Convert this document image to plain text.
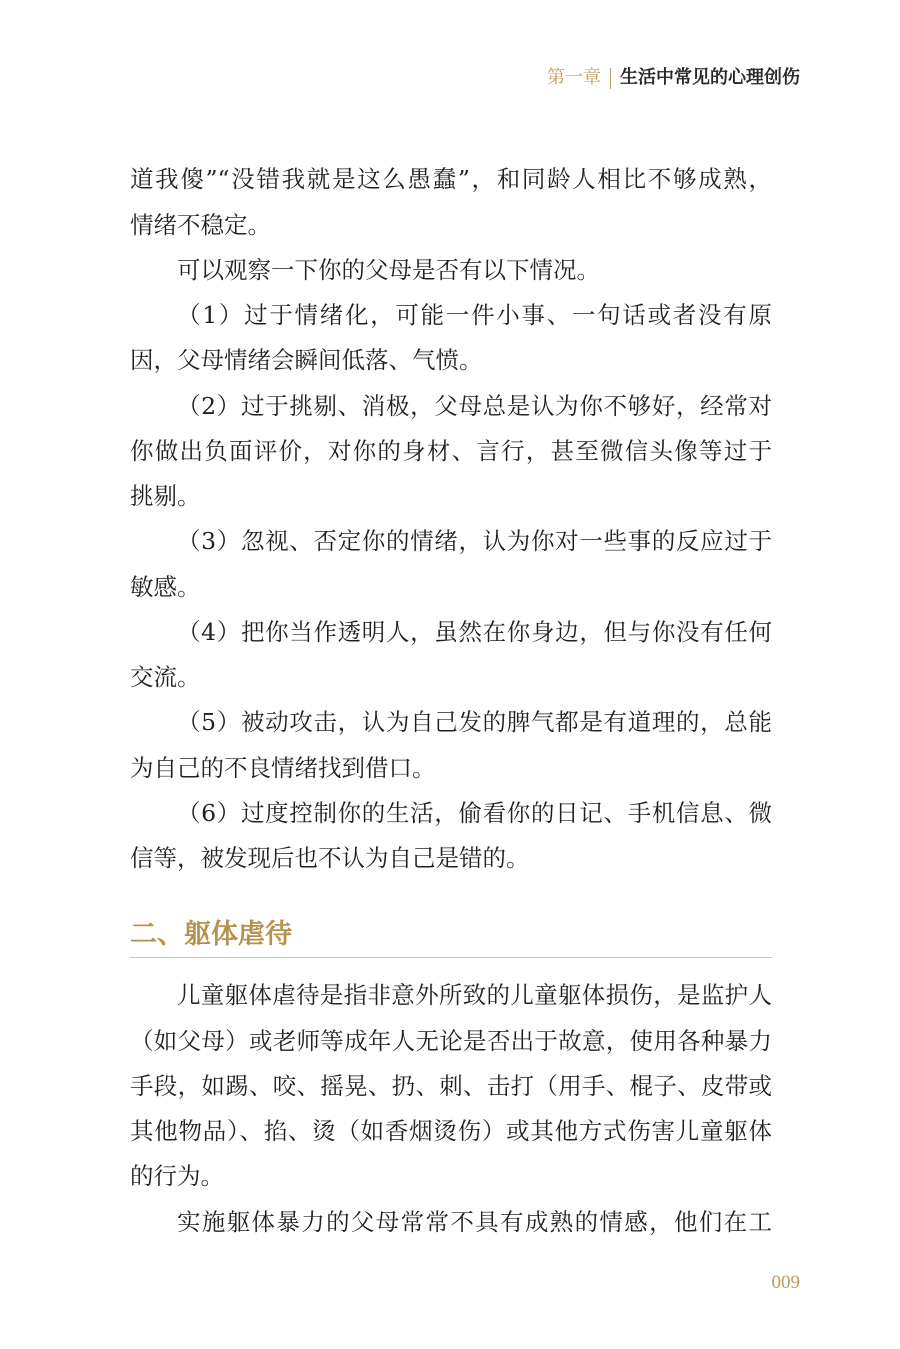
第一章 生活中常见的心理创伤
道我傻”“没错我就是这么愚蠢”，和同龄人相比不够成熟，
情绪不稳定。
可以观察一下你的父母是否有以下情况。
（1）过于情绪化，可能一件小事、一句话或者没有原
因，父母情绪会瞬间低落、气愤。
（2）过于挑剔、消极，父母总是认为你不够好，经常对
你做出负面评价，对你的身材、言行，甚至微信头像等过于
挑剔。
（3）忽视、否定你的情绪，认为你对一些事的反应过于
敏感。
（4）把你当作透明人，虽然在你身边，但与你没有任何
交流。
（5）被动攻击，认为自己发的脾气都是有道理的，总能
为自己的不良情绪找到借口。
（6）过度控制你的生活，偷看你的日记、手机信息、微
信等，被发现后也不认为自己是错的。
二、躯体虐待
儿童躯体虐待是指非意外所致的儿童躯体损伤，是监护人
（如父母）或老师等成年人无论是否出于故意，使用各种暴力
手段，如踢、咬、摇晃、扔、刺、击打（用手、棍子、皮带或
其他物品）、掐、烫（如香烟烫伤）或其他方式伤害儿童躯体
的行为。
实施躯体暴力的父母常常不具有成熟的情感，他们在工
009
